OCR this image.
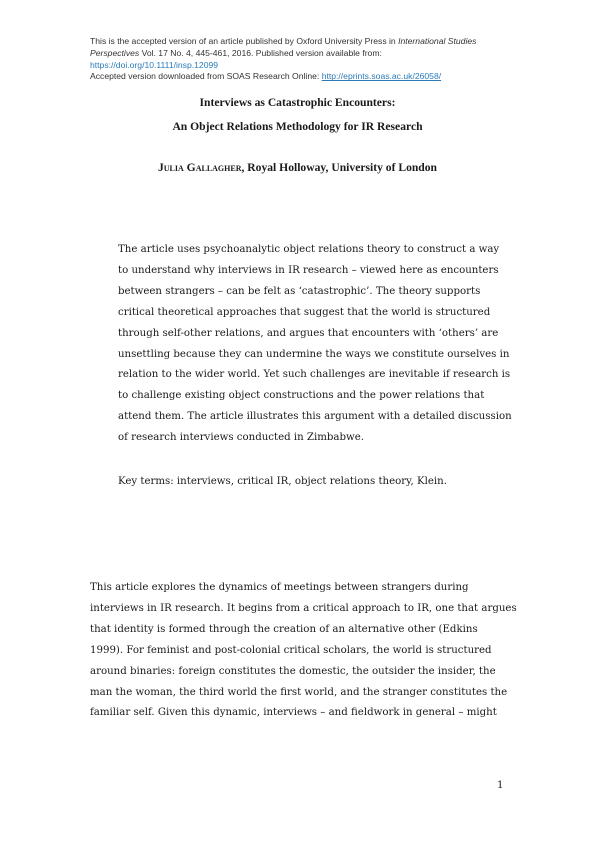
This is the accepted version of an article published by Oxford University Press in International Studies
Perspectives Vol. 17 No. 4, 445-461, 2016. Published version available from:
https://doi.org/10.1111/insp.12099
Accepted version downloaded from SOAS Research Online: http://eprints.soas.ac.uk/26058/
Interviews as Catastrophic Encounters:
An Object Relations Methodology for IR Research
Julia Gallagher, Royal Holloway, University of London
The article uses psychoanalytic object relations theory to construct a way
to understand why interviews in IR research – viewed here as encounters
between strangers – can be felt as ‘catastrophic’. The theory supports
critical theoretical approaches that suggest that the world is structured
through self-other relations, and argues that encounters with ‘others’ are
unsettling because they can undermine the ways we constitute ourselves in
relation to the wider world. Yet such challenges are inevitable if research is
to challenge existing object constructions and the power relations that
attend them. The article illustrates this argument with a detailed discussion
of research interviews conducted in Zimbabwe.
Key terms: interviews, critical IR, object relations theory, Klein.
This article explores the dynamics of meetings between strangers during
interviews in IR research. It begins from a critical approach to IR, one that argues
that identity is formed through the creation of an alternative other (Edkins
1999). For feminist and post-colonial critical scholars, the world is structured
around binaries: foreign constitutes the domestic, the outsider the insider, the
man the woman, the third world the first world, and the stranger constitutes the
familiar self. Given this dynamic, interviews – and fieldwork in general – might
1
